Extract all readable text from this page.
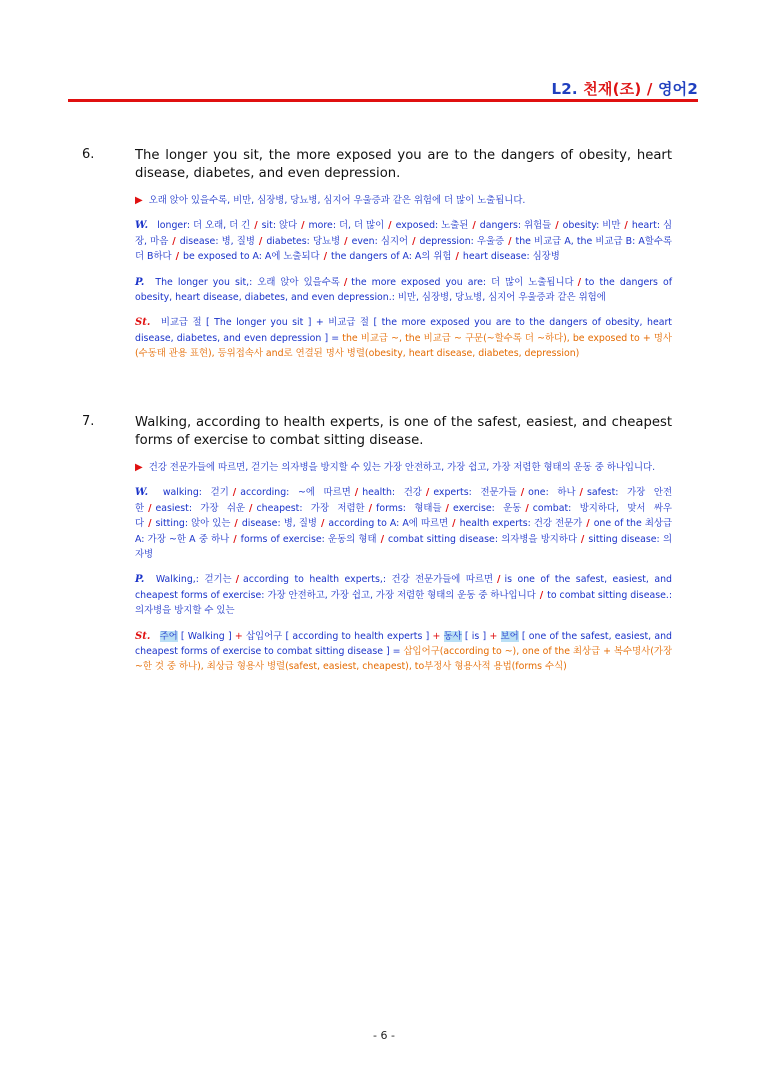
L2. 천재(조) / 영어2
6.	The longer you sit, the more exposed you are to the dangers of obesity, heart disease, diabetes, and even depression.
▶ 오래 앉아 있을수록, 비만, 심장병, 당뇨병, 심지어 우울증과 같은 위험에 더 많이 노출됩니다.
W. longer: 더 오래, 더 긴 / sit: 앉다 / more: 더, 더 많이 / exposed: 노출된 / dangers: 위험들 / obesity: 비만 / heart: 심장, 마음 / disease: 병, 질병 / diabetes: 당뇨병 / even: 심지어 / depression: 우울증 / the 비교급 A, the 비교급 B: A할수록 더 B하다 / be exposed to A: A에 노출되다 / the dangers of A: A의 위험 / heart disease: 심장병
P. The longer you sit,: 오래 앉아 있을수록 / the more exposed you are: 더 많이 노출됩니다 / to the dangers of obesity, heart disease, diabetes, and even depression.: 비만, 심장병, 당뇨병, 심지어 우울증과 같은 위험에
St. 비교급 절 [ The longer you sit ] + 비교급 절 [ the more exposed you are to the dangers of obesity, heart disease, diabetes, and even depression ] = the 비교급 ~, the 비교급 ~ 구문(~할수록 더 ~하다), be exposed to + 명사(수동태 관용 표현), 등위접속사 and로 연결된 명사 병렬(obesity, heart disease, diabetes, depression)
7.	Walking, according to health experts, is one of the safest, easiest, and cheapest forms of exercise to combat sitting disease.
▶ 건강 전문가들에 따르면, 걷기는 의자병을 방지할 수 있는 가장 안전하고, 가장 쉽고, 가장 저렴한 형태의 운동 중 하나입니다.
W. walking: 걷기 / according: ~에 따르면 / health: 건강 / experts: 전문가들 / one: 하나 / safest: 가장 안전한 / easiest: 가장 쉬운 / cheapest: 가장 저렴한 / forms: 형태들 / exercise: 운동 / combat: 방지하다, 맞서 싸우다 / sitting: 앉아 있는 / disease: 병, 질병 / according to A: A에 따르면 / health experts: 건강 전문가 / one of the 최상급 A: 가장 ~한 A 중 하나 / forms of exercise: 운동의 형태 / combat sitting disease: 의자병을 방지하다 / sitting disease: 의자병
P. Walking,: 걷기는 / according to health experts,: 건강 전문가들에 따르면 / is one of the safest, easiest, and cheapest forms of exercise: 가장 안전하고, 가장 쉽고, 가장 저렴한 형태의 운동 중 하나입니다 / to combat sitting disease.: 의자병을 방지할 수 있는
St. 주어 [ Walking ] + 삽입어구 [ according to health experts ] + 동사 [ is ] + 보어 [ one of the safest, easiest, and cheapest forms of exercise to combat sitting disease ] = 삽입어구(according to ~), one of the 최상급 + 복수명사(가장 ~한 것 중 하나), 최상급 형용사 병렬(safest, easiest, cheapest), to부정사 형용사적 용법(forms 수식)
- 6 -
